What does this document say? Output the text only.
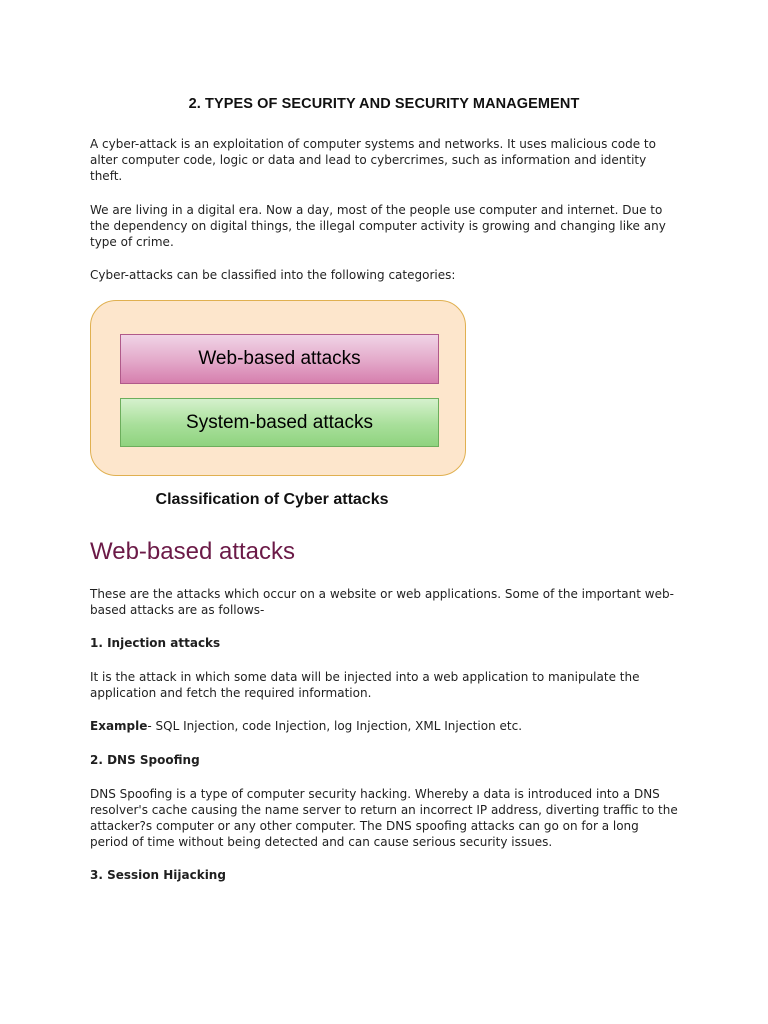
2. TYPES OF SECURITY AND SECURITY MANAGEMENT

A cyber-attack is an exploitation of computer systems and networks. It uses malicious code to alter computer code, logic or data and lead to cybercrimes, such as information and identity theft.

We are living in a digital era. Now a day, most of the people use computer and internet. Due to the dependency on digital things, the illegal computer activity is growing and changing like any type of crime.

Cyber-attacks can be classified into the following categories:

Web-based attacks
System-based attacks
Classification of Cyber attacks
Web-based attacks

These are the attacks which occur on a website or web applications. Some of the important web-based attacks are as follows-

1. Injection attacks

It is the attack in which some data will be injected into a web application to manipulate the application and fetch the required information.

Example- SQL Injection, code Injection, log Injection, XML Injection etc.

2. DNS Spoofing

DNS Spoofing is a type of computer security hacking. Whereby a data is introduced into a DNS resolver's cache causing the name server to return an incorrect IP address, diverting traffic to the attacker?s computer or any other computer. The DNS spoofing attacks can go on for a long period of time without being detected and can cause serious security issues.

3. Session Hijacking
